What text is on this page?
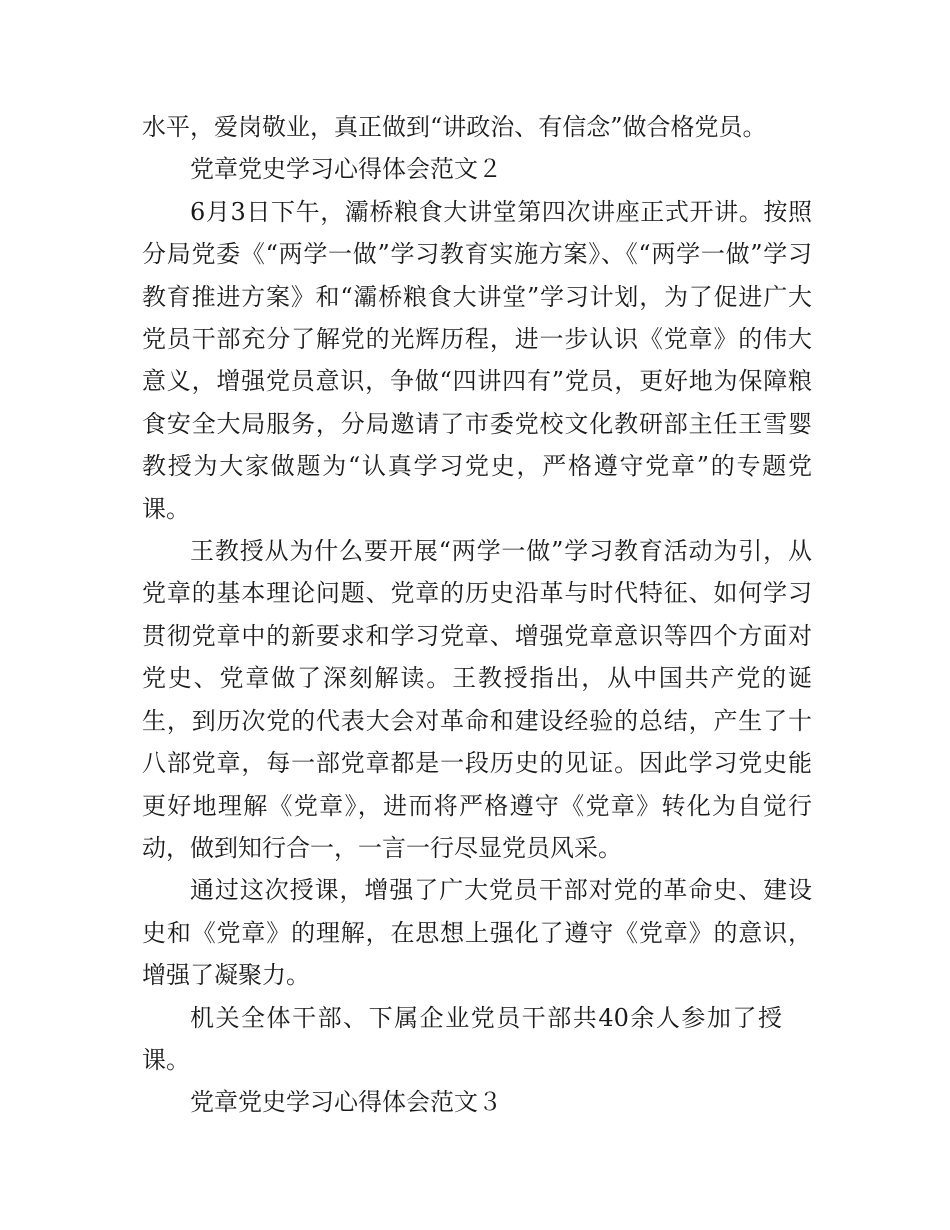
水平，爱岗敬业，真正做到“讲政治、有信念”做合格党员。

党章党史学习心得体会范文２

6月3日下午，灞桥粮食大讲堂第四次讲座正式开讲。按照分局党委《“两学一做”学习教育实施方案》、《“两学一做”学习教育推进方案》和“灞桥粮食大讲堂”学习计划，为了促进广大党员干部充分了解党的光辉历程，进一步认识《党章》的伟大意义，增强党员意识，争做“四讲四有”党员，更好地为保障粮食安全大局服务，分局邀请了市委党校文化教研部主任王雪婴教授为大家做题为“认真学习党史，严格遵守党章”的专题党课。

王教授从为什么要开展“两学一做”学习教育活动为引，从党章的基本理论问题、党章的历史沿革与时代特征、如何学习贯彻党章中的新要求和学习党章、增强党章意识等四个方面对党史、党章做了深刻解读。王教授指出，从中国共产党的诞生，到历次党的代表大会对革命和建设经验的总结，产生了十八部党章，每一部党章都是一段历史的见证。因此学习党史能更好地理解《党章》，进而将严格遵守《党章》转化为自觉行动，做到知行合一，一言一行尽显党员风采。

通过这次授课，增强了广大党员干部对党的革命史、建设史和《党章》的理解，在思想上强化了遵守《党章》的意识，增强了凝聚力。

机关全体干部、下属企业党员干部共40余人参加了授课。

党章党史学习心得体会范文３
